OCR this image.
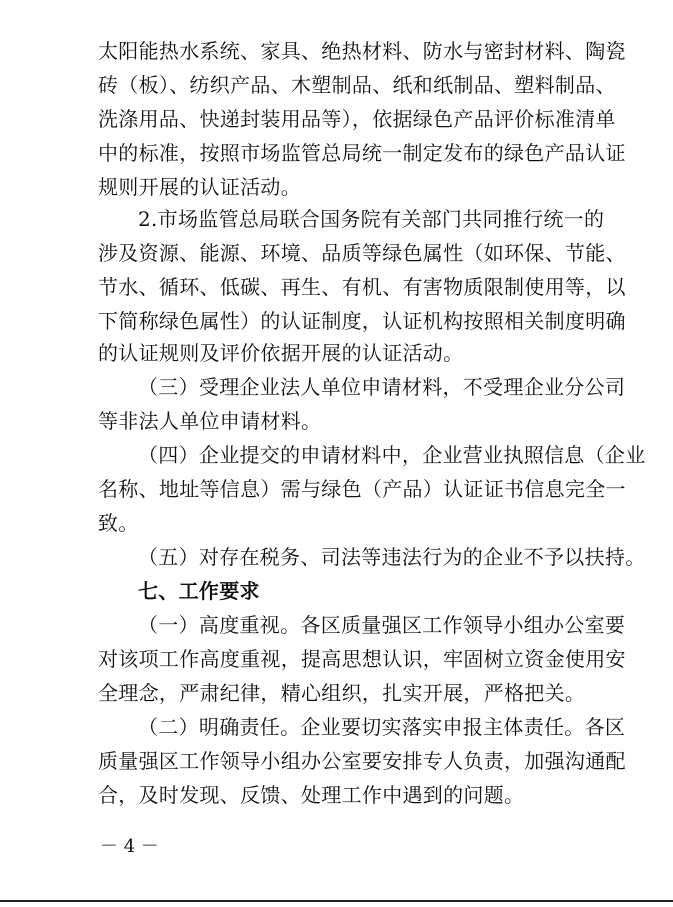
太阳能热水系统、家具、绝热材料、防水与密封材料、陶瓷
砖（板）、纺织产品、木塑制品、纸和纸制品、塑料制品、
洗涤用品、快递封装用品等），依据绿色产品评价标准清单
中的标准，按照市场监管总局统一制定发布的绿色产品认证
规则开展的认证活动。
2.市场监管总局联合国务院有关部门共同推行统一的
涉及资源、能源、环境、品质等绿色属性（如环保、节能、
节水、循环、低碳、再生、有机、有害物质限制使用等，以
下简称绿色属性）的认证制度，认证机构按照相关制度明确
的认证规则及评价依据开展的认证活动。
（三）受理企业法人单位申请材料，不受理企业分公司
等非法人单位申请材料。
（四）企业提交的申请材料中，企业营业执照信息（企业
名称、地址等信息）需与绿色（产品）认证证书信息完全一
致。
（五）对存在税务、司法等违法行为的企业不予以扶持。
七、工作要求
（一）高度重视。各区质量强区工作领导小组办公室要
对该项工作高度重视，提高思想认识，牢固树立资金使用安
全理念，严肃纪律，精心组织，扎实开展，严格把关。
（二）明确责任。企业要切实落实申报主体责任。各区
质量强区工作领导小组办公室要安排专人负责，加强沟通配
合，及时发现、反馈、处理工作中遇到的问题。
－ 4 －
